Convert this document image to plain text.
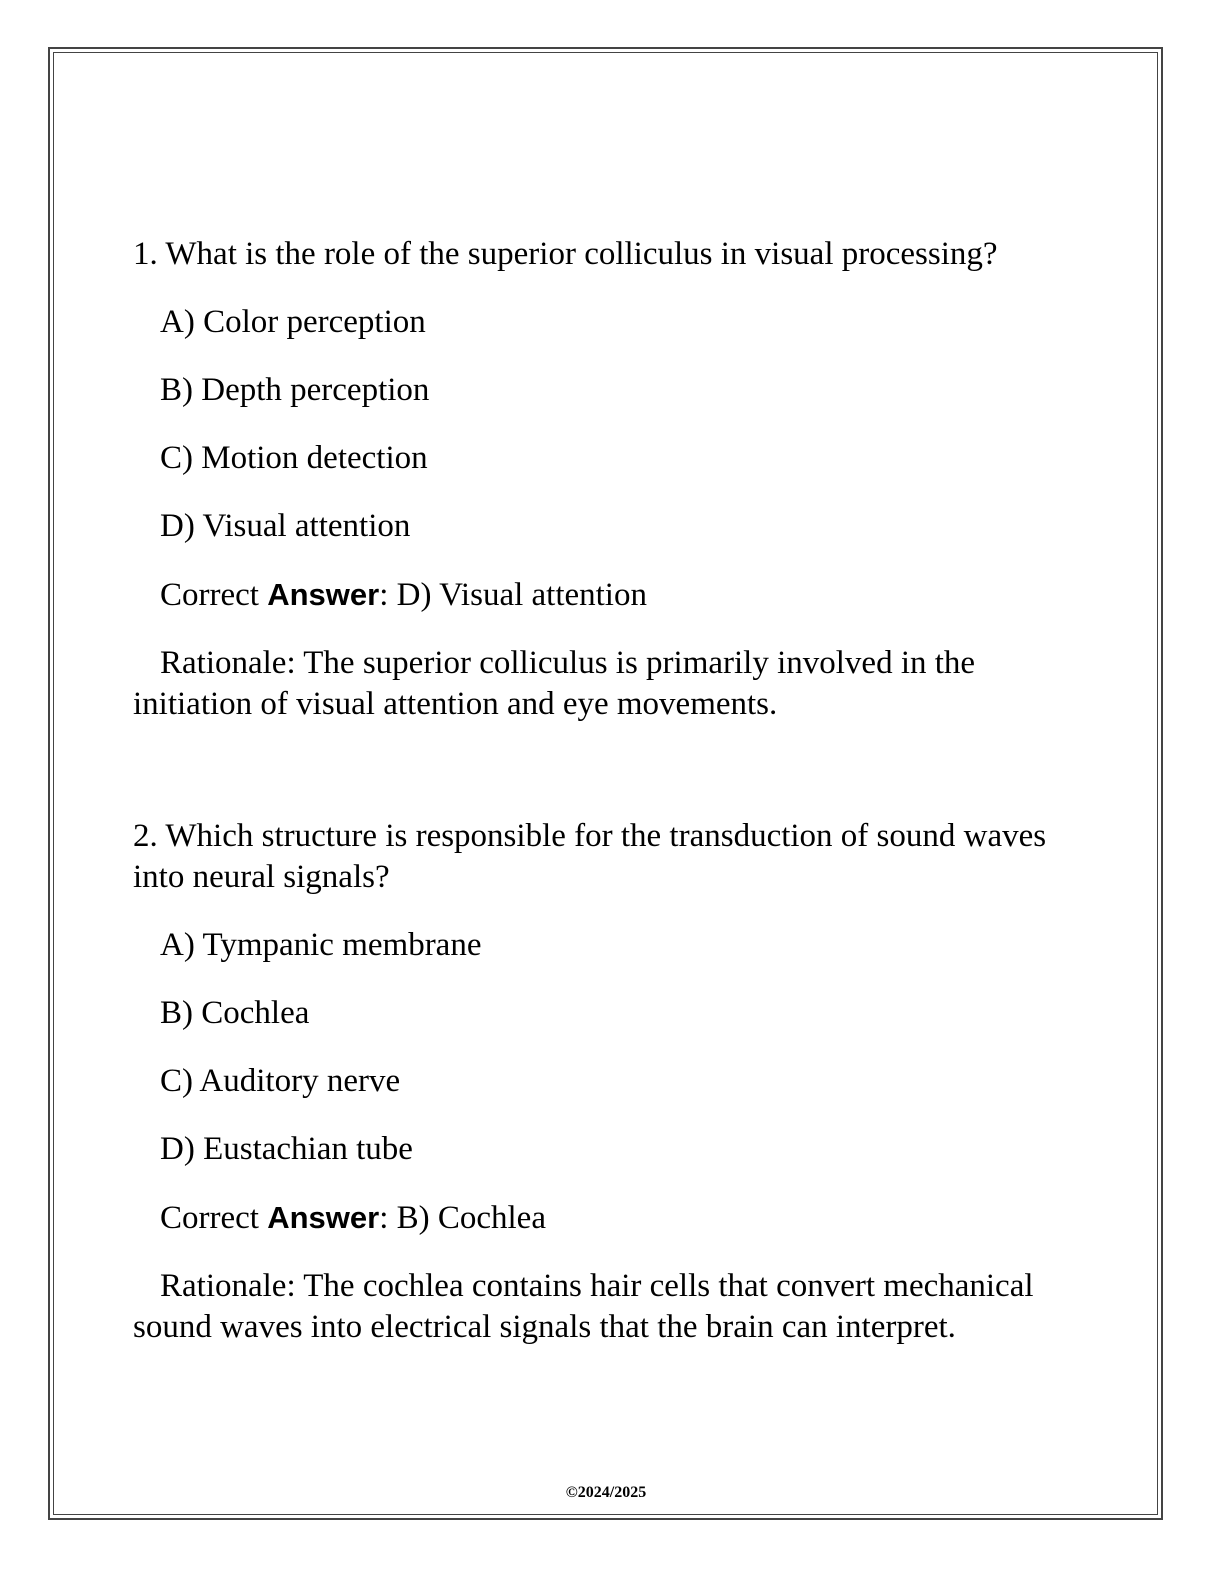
1. What is the role of the superior colliculus in visual processing?

A) Color perception

B) Depth perception

C) Motion detection

D) Visual attention

Correct Answer: D) Visual attention

Rationale: The superior colliculus is primarily involved in the initiation of visual attention and eye movements.

2. Which structure is responsible for the transduction of sound waves into neural signals?

A) Tympanic membrane

B) Cochlea

C) Auditory nerve

D) Eustachian tube

Correct Answer: B) Cochlea

Rationale: The cochlea contains hair cells that convert mechanical sound waves into electrical signals that the brain can interpret.

©2024/2025
